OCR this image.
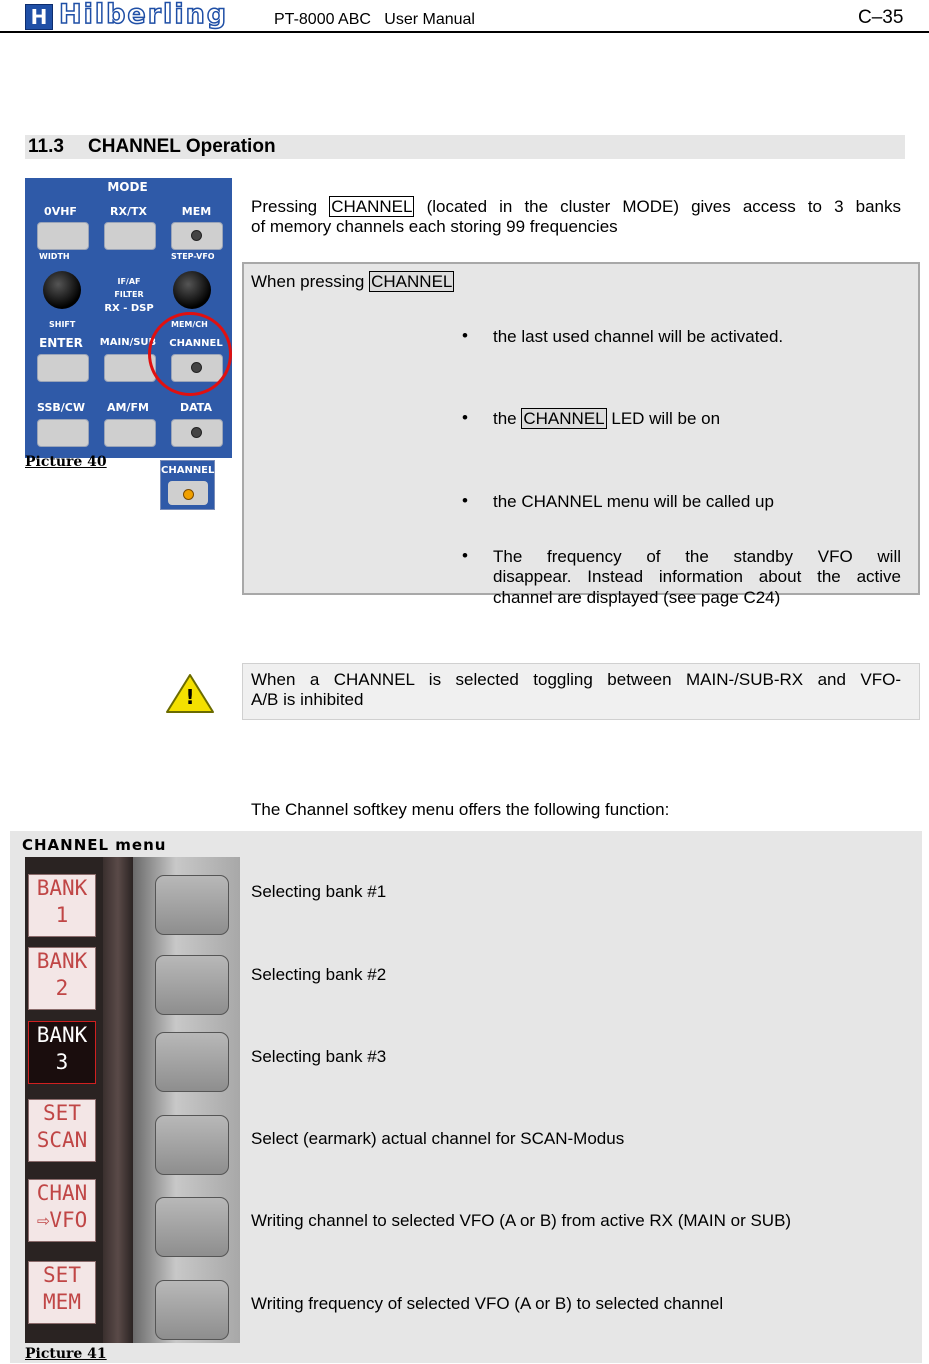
H Hilberling	PT-8000 ABC   User Manual	C–35
11.3 CHANNEL Operation
MODE
0VHF	RX/TX	MEM
WIDTH	STEP-VFO
IF/AF
FILTER
RX - DSP
SHIFT	MEM/CH
ENTER	MAIN/SUB	CHANNEL
SSB/CW	AM/FM	DATA
Picture 40
CHANNEL
Pressing CHANNEL (located in the cluster MODE) gives access to 3 banks
of memory channels each storing 99 frequencies
When pressing CHANNEL
• the last used channel will be activated.
• the CHANNEL LED will be on
• the CHANNEL menu will be called up
• The frequency of the standby VFO will
disappear. Instead information about the active
channel are displayed (see page C24)
!
When a CHANNEL is selected toggling between MAIN-/SUB-RX and VFO-
A/B is inhibited
The Channel softkey menu offers the following function:
CHANNEL menu
BANK
1
BANK
2
BANK
3
SET
SCAN
CHAN
⇨VFO
SET
MEM
Picture 41
Selecting bank #1
Selecting bank #2
Selecting bank #3
Select (earmark) actual channel for SCAN-Modus
Writing channel to selected VFO (A or B) from active RX (MAIN or SUB)
Writing frequency of selected VFO (A or B) to selected channel
